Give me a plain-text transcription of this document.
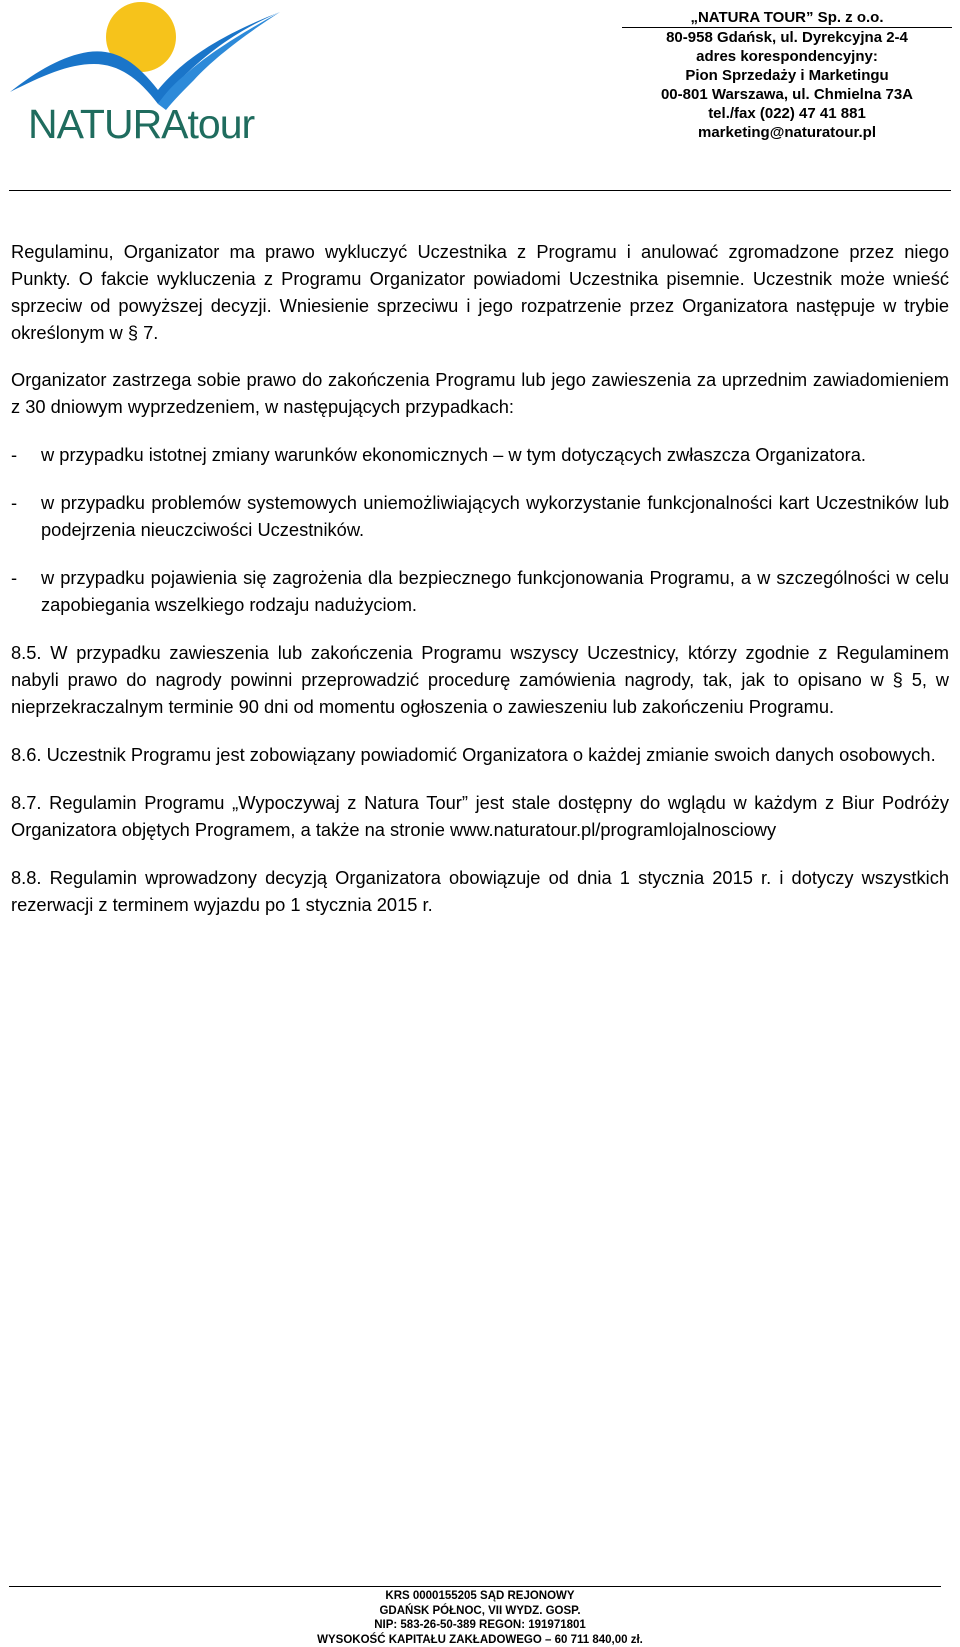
NATURAtour
„NATURA TOUR” Sp. z o.o.
80-958 Gdańsk, ul. Dyrekcyjna 2-4
adres korespondencyjny:
Pion Sprzedaży i Marketingu
00-801 Warszawa, ul. Chmielna 73A
tel./fax (022) 47 41 881
marketing@naturatour.pl

Regulaminu, Organizator ma prawo wykluczyć Uczestnika z Programu i anulować zgromadzone przez niego Punkty. O fakcie wykluczenia z Programu Organizator powiadomi Uczestnika pisemnie. Uczestnik może wnieść sprzeciw od powyższej decyzji. Wniesienie sprzeciwu i jego rozpatrzenie przez Organizatora następuje w trybie określonym w § 7.

Organizator zastrzega sobie prawo do zakończenia Programu lub jego zawieszenia za uprzednim zawiadomieniem z 30 dniowym wyprzedzeniem, w następujących przypadkach:

-	w przypadku istotnej zmiany warunków ekonomicznych – w tym dotyczących zwłaszcza Organizatora.
-	w przypadku problemów systemowych uniemożliwiających wykorzystanie funkcjonalności kart Uczestników lub podejrzenia nieuczciwości Uczestników.
-	w przypadku pojawienia się zagrożenia dla bezpiecznego funkcjonowania Programu, a w szczególności w celu zapobiegania wszelkiego rodzaju nadużyciom.

8.5. W przypadku zawieszenia lub zakończenia Programu wszyscy Uczestnicy, którzy zgodnie z Regulaminem nabyli prawo do nagrody powinni przeprowadzić procedurę zamówienia nagrody, tak, jak to opisano w § 5, w nieprzekraczalnym terminie 90 dni od momentu ogłoszenia o zawieszeniu lub zakończeniu Programu.

8.6. Uczestnik Programu jest zobowiązany powiadomić Organizatora o każdej zmianie swoich danych osobowych.

8.7. Regulamin Programu „Wypoczywaj z Natura Tour” jest stale dostępny do wglądu w każdym z Biur Podróży Organizatora objętych Programem, a także na stronie www.naturatour.pl/programlojalnosciowy

8.8. Regulamin wprowadzony decyzją Organizatora obowiązuje od dnia 1 stycznia 2015 r. i dotyczy wszystkich rezerwacji z terminem wyjazdu po 1 stycznia 2015 r.

KRS 0000155205 SĄD REJONOWY
GDAŃSK PÓŁNOC, VII WYDZ. GOSP.
NIP: 583-26-50-389 REGON: 191971801
WYSOKOŚĆ KAPITAŁU ZAKŁADOWEGO – 60 711 840,00 zł.
